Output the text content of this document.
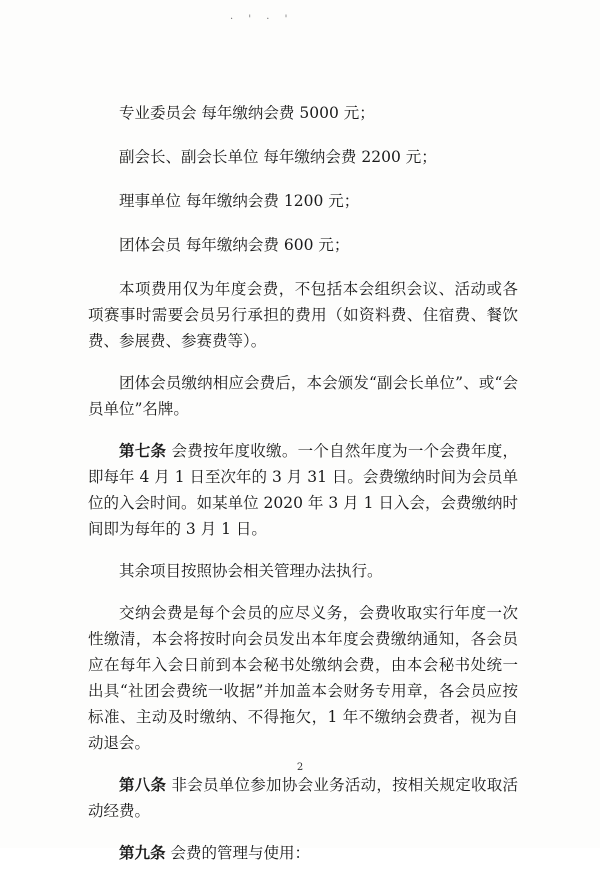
· ' · '

专业委员会 每年缴纳会费 5000 元；

副会长、副会长单位 每年缴纳会费 2200 元；

理事单位 每年缴纳会费 1200 元；

团体会员 每年缴纳会费 600 元；

本项费用仅为年度会费，不包括本会组织会议、活动或各项赛事时需要会员另行承担的费用（如资料费、住宿费、餐饮费、参展费、参赛费等）。

团体会员缴纳相应会费后，本会颁发“副会长单位”、或“会员单位”名牌。

第七条 会费按年度收缴。一个自然年度为一个会费年度，即每年 4 月 1 日至次年的 3 月 31 日。会费缴纳时间为会员单位的入会时间。如某单位 2020 年 3 月 1 日入会，会费缴纳时间即为每年的 3 月 1 日。

其余项目按照协会相关管理办法执行。

交纳会费是每个会员的应尽义务，会费收取实行年度一次性缴清，本会将按时向会员发出本年度会费缴纳通知，各会员应在每年入会日前到本会秘书处缴纳会费，由本会秘书处统一出具“社团会费统一收据”并加盖本会财务专用章，各会员应按标准、主动及时缴纳、不得拖欠，1 年不缴纳会费者，视为自动退会。

第八条 非会员单位参加协会业务活动，按相关规定收取活动经费。

第九条 会费的管理与使用：

2
